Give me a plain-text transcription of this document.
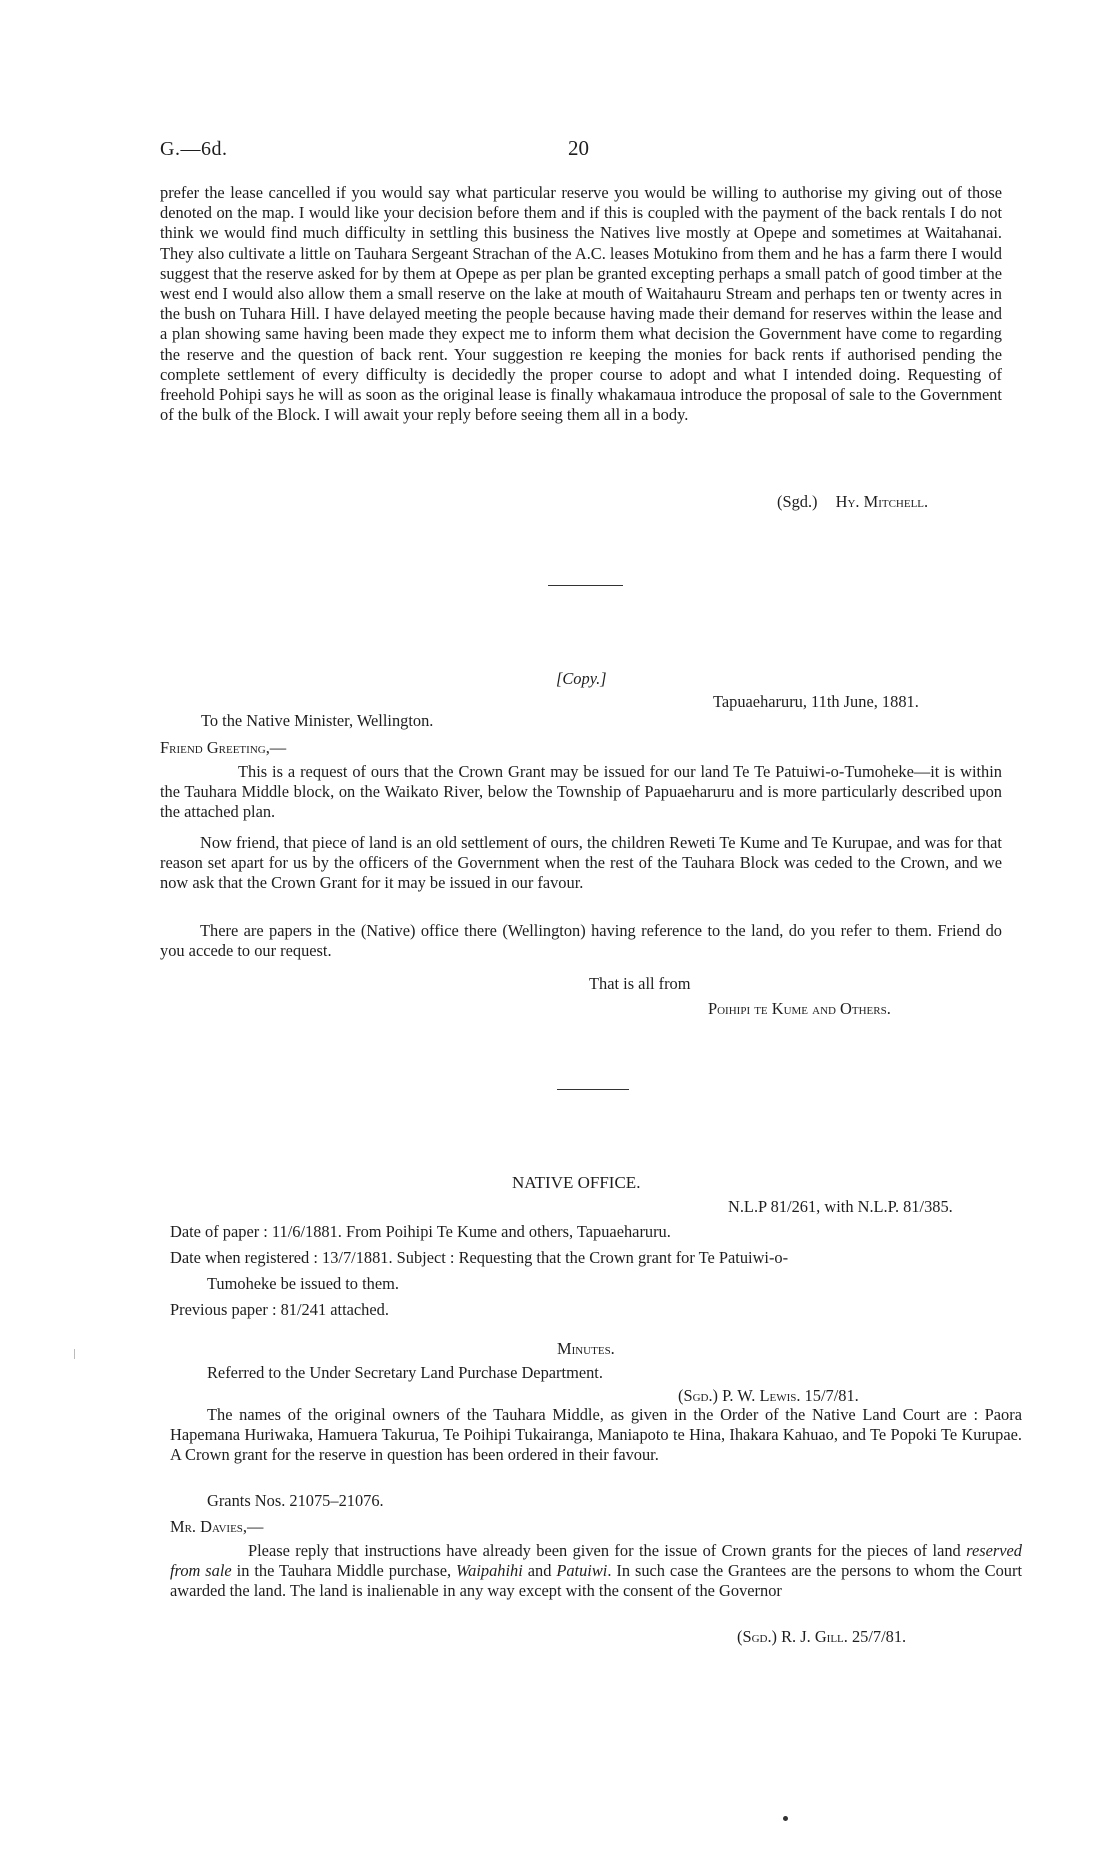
G.—6d.	20
prefer the lease cancelled if you would say what particular reserve you would be willing to authorise my giving out of those denoted on the map. I would like your decision before them and if this is coupled with the payment of the back rentals I do not think we would find much difficulty in settling this business the Natives live mostly at Opepe and sometimes at Waitahanai. They also cultivate a little on Tauhara Sergeant Strachan of the A.C. leases Motukino from them and he has a farm there I would suggest that the reserve asked for by them at Opepe as per plan be granted excepting perhaps a small patch of good timber at the west end I would also allow them a small reserve on the lake at mouth of Waitahauru Stream and perhaps ten or twenty acres in the bush on Tuhara Hill. I have delayed meeting the people because having made their demand for reserves within the lease and a plan showing same having been made they expect me to inform them what decision the Government have come to regarding the reserve and the question of back rent. Your suggestion re keeping the monies for back rents if authorised pending the complete settlement of every difficulty is decidedly the proper course to adopt and what I intended doing. Requesting of freehold Pohipi says he will as soon as the original lease is finally whakamaua introduce the proposal of sale to the Government of the bulk of the Block. I will await your reply before seeing them all in a body.
(Sgd.) Hy. Mitchell.
[Copy.]
Tapuaeharuru, 11th June, 1881.
To the Native Minister, Wellington.
Friend Greeting,—
This is a request of ours that the Crown Grant may be issued for our land Te Te Patuiwi-o-Tumoheke—it is within the Tauhara Middle block, on the Waikato River, below the Township of Papuaeharuru and is more particularly described upon the attached plan.
Now friend, that piece of land is an old settlement of ours, the children Reweti Te Kume and Te Kurupae, and was for that reason set apart for us by the officers of the Government when the rest of the Tauhara Block was ceded to the Crown, and we now ask that the Crown Grant for it may be issued in our favour.
There are papers in the (Native) office there (Wellington) having reference to the land, do you refer to them. Friend do you accede to our request.
That is all from
Poihipi te Kume and Others.
NATIVE OFFICE.
N.L.P 81/261, with N.L.P. 81/385.
Date of paper : 11/6/1881. From Poihipi Te Kume and others, Tapuaeharuru.
Date when registered : 13/7/1881. Subject : Requesting that the Crown grant for Te Patuiwi-o-
Tumoheke be issued to them.
Previous paper : 81/241 attached.
Minutes.
Referred to the Under Secretary Land Purchase Department.
(Sgd.) P. W. Lewis. 15/7/81.
The names of the original owners of the Tauhara Middle, as given in the Order of the Native Land Court are : Paora Hapemana Huriwaka, Hamuera Takurua, Te Poihipi Tukairanga, Maniapoto te Hina, Ihakara Kahuao, and Te Popoki Te Kurupae. A Crown grant for the reserve in question has been ordered in their favour.
Grants Nos. 21075–21076.
Mr. Davies,—
Please reply that instructions have already been given for the issue of Crown grants for the pieces of land reserved from sale in the Tauhara Middle purchase, Waipahihi and Patuiwi. In such case the Grantees are the persons to whom the Court awarded the land. The land is inalienable in any way except with the consent of the Governor
(Sgd.) R. J. Gill. 25/7/81.
